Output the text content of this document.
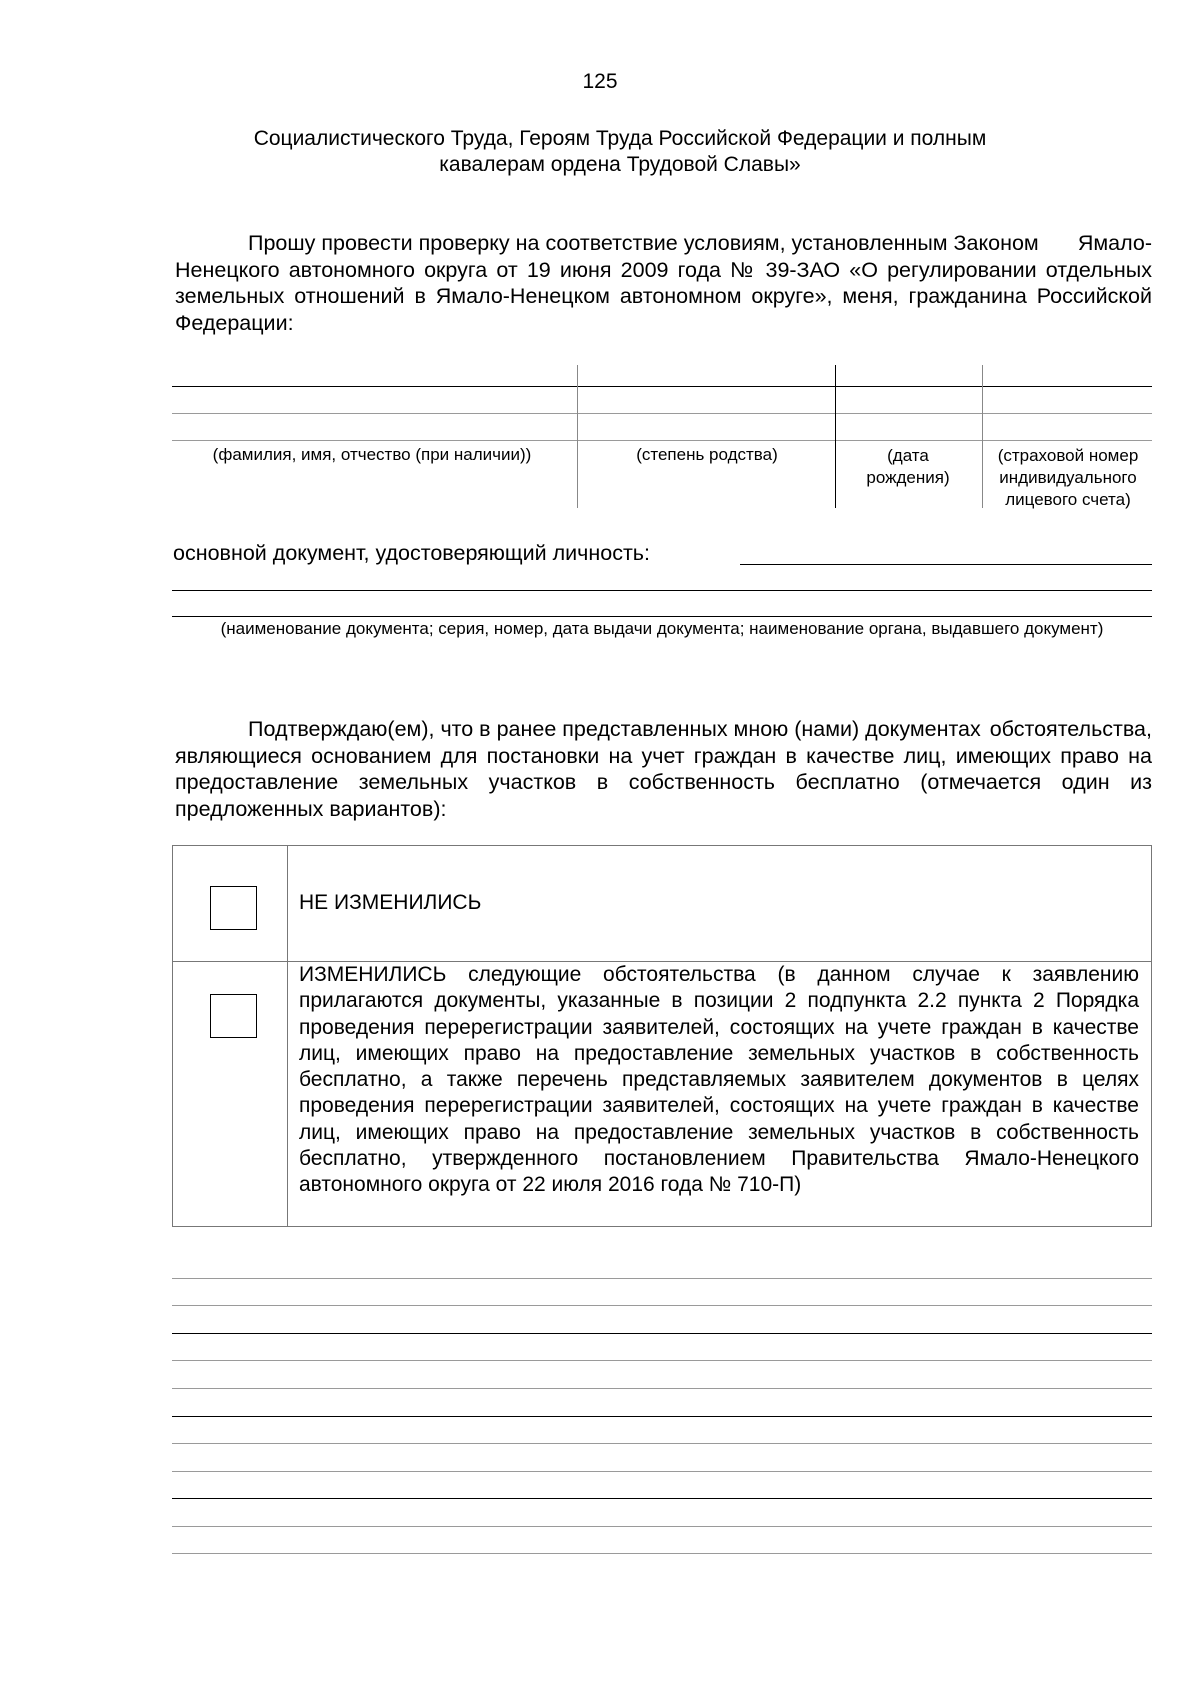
125
Социалистического Труда, Героям Труда Российской Федерации и полным
кавалерам ордена Трудовой Славы»
Прошу провести проверку на соответствие условиям, установленным Законом Ямало-Ненецкого автономного округа от 19 июня 2009 года № 39-ЗАО «О регулировании отдельных земельных отношений в Ямало-Ненецком автономном округе», меня, гражданина Российской Федерации:
(фамилия, имя, отчество (при наличии))	(степень родства)	(дата рождения)
(страховой номер индивидуального лицевого счета)
основной документ, удостоверяющий личность:
(наименование документа; серия, номер, дата выдачи документа; наименование органа, выдавшего документ)
Подтверждаю(ем), что в ранее представленных мною (нами) документах обстоятельства, являющиеся основанием для постановки на учет граждан в качестве лиц, имеющих право на предоставление земельных участков в собственность бесплатно (отмечается один из предложенных вариантов):
НЕ ИЗМЕНИЛИСЬ
ИЗМЕНИЛИСЬ следующие обстоятельства (в данном случае к заявлению прилагаются документы, указанные в позиции 2 подпункта 2.2 пункта 2 Порядка проведения перерегистрации заявителей, состоящих на учете граждан в качестве лиц, имеющих право на предоставление земельных участков в собственность бесплатно, а также перечень представляемых заявителем документов в целях проведения перерегистрации заявителей, состоящих на учете граждан в качестве лиц, имеющих право на предоставление земельных участков в собственность бесплатно, утвержденного постановлением Правительства Ямало-Ненецкого автономного округа от 22 июля 2016 года № 710-П)
